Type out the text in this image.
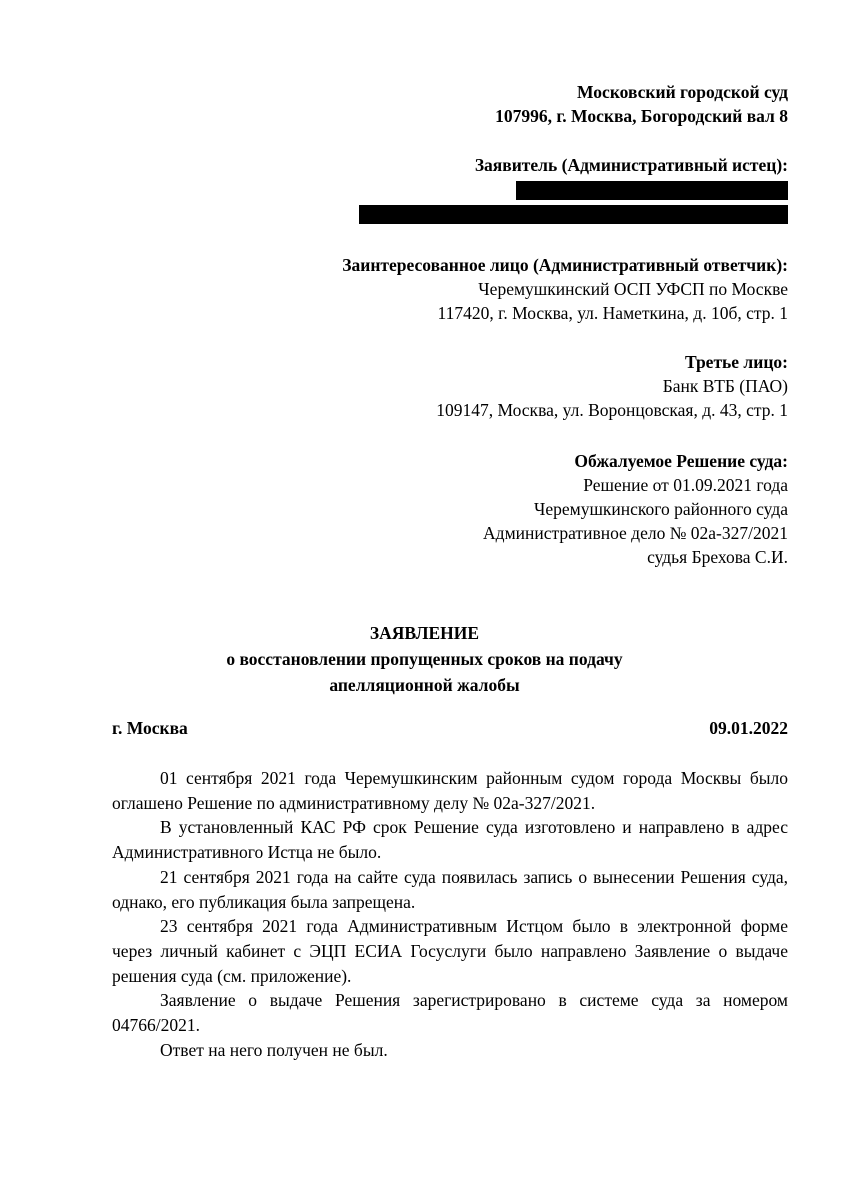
Московский городской суд
107996, г. Москва, Богородский вал 8
Заявитель (Административный истец):
Заинтересованное лицо (Административный ответчик):
Черемушкинский ОСП УФСП по Москве
117420, г. Москва, ул. Наметкина, д. 10б, стр. 1
Третье лицо:
Банк ВТБ (ПАО)
109147, Москва, ул. Воронцовская, д. 43, стр. 1
Обжалуемое Решение суда:
Решение от 01.09.2021 года
Черемушкинского районного суда
Административное дело № 02а-327/2021
судья Брехова С.И.
ЗАЯВЛЕНИЕ
о восстановлении пропущенных сроков на подачу
апелляционной жалобы
г. Москва	09.01.2022

01 сентября 2021 года Черемушкинским районным судом города Москвы было оглашено Решение по административному делу № 02а-327/2021.

В установленный КАС РФ срок Решение суда изготовлено и направлено в адрес Административного Истца не было.

21 сентября 2021 года на сайте суда появилась запись о вынесении Решения суда, однако, его публикация была запрещена.

23 сентября 2021 года Административным Истцом было в электронной форме через личный кабинет с ЭЦП ЕСИА Госуслуги было направлено Заявление о выдаче решения суда (см. приложение).

Заявление о выдаче Решения зарегистрировано в системе суда за номером 04766/2021.

Ответ на него получен не был.
